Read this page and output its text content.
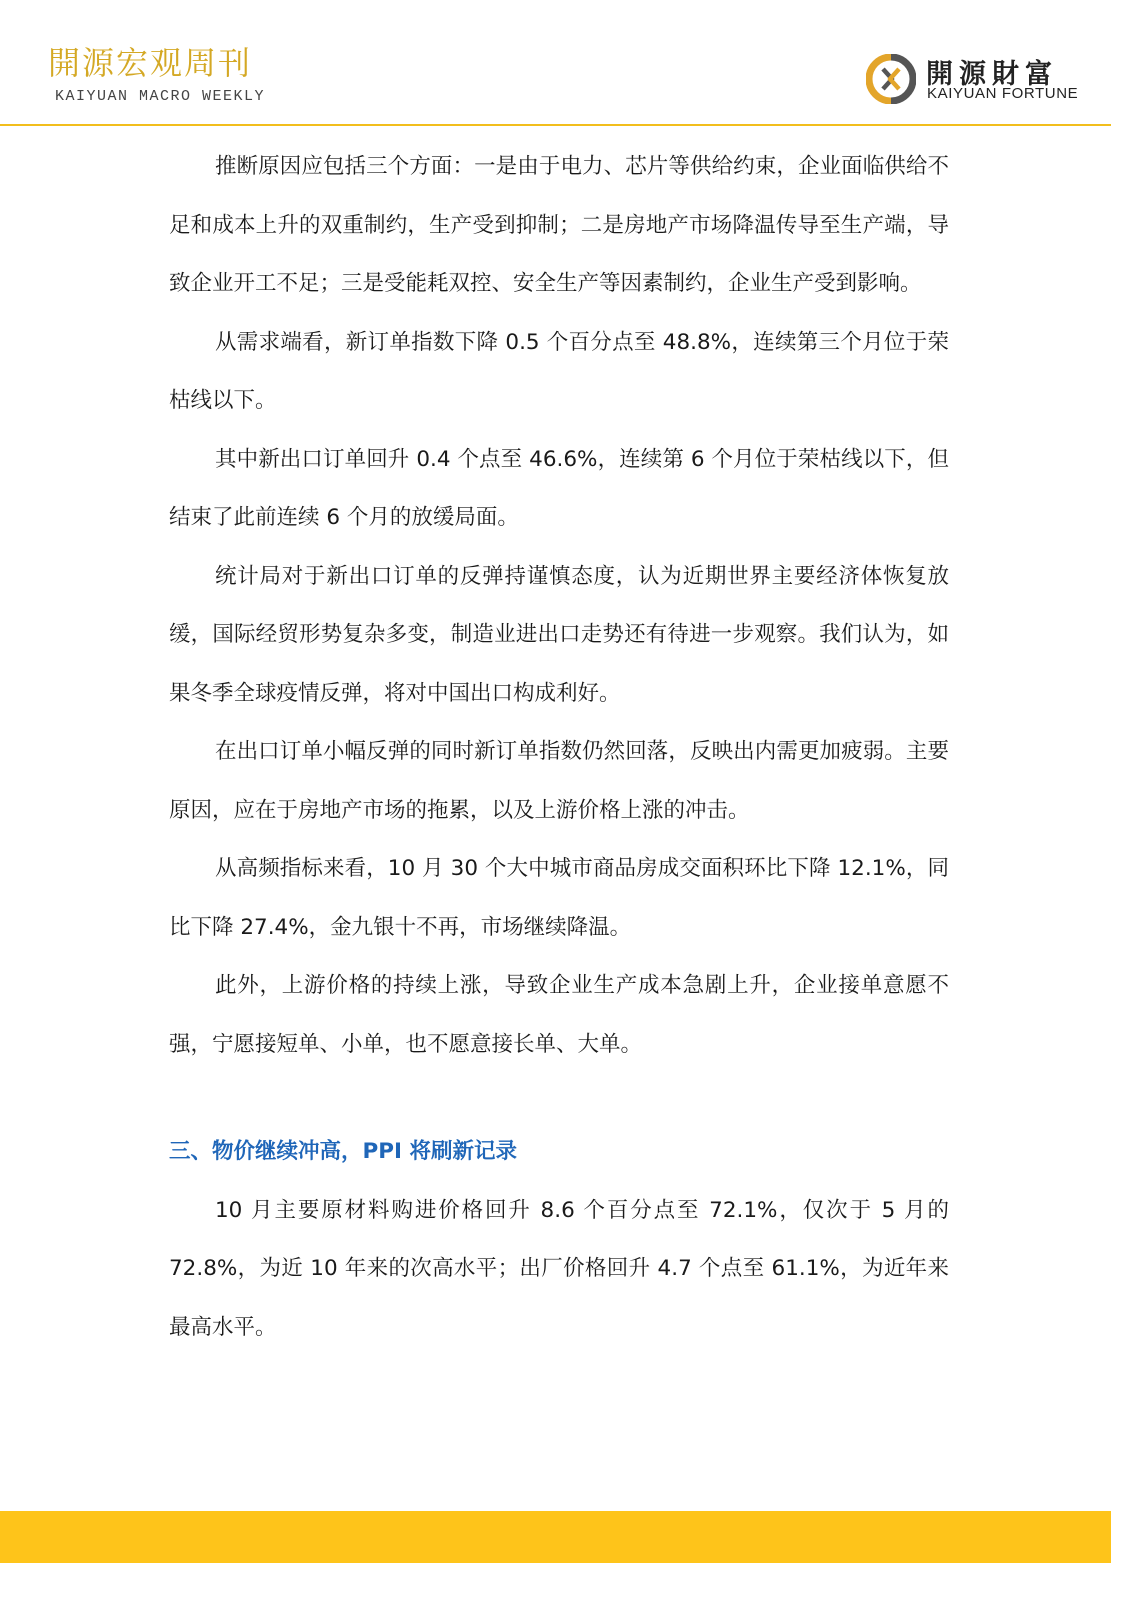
開源宏观周刊
KAIYUAN MACRO WEEKLY
開源財富
KAIYUAN FORTUNE

推断原因应包括三个方面：一是由于电力、芯片等供给约束，企业面临供给不足和成本上升的双重制约，生产受到抑制；二是房地产市场降温传导至生产端，导致企业开工不足；三是受能耗双控、安全生产等因素制约，企业生产受到影响。

从需求端看，新订单指数下降 0.5 个百分点至 48.8%，连续第三个月位于荣枯线以下。

其中新出口订单回升 0.4 个点至 46.6%，连续第 6 个月位于荣枯线以下，但结束了此前连续 6 个月的放缓局面。

统计局对于新出口订单的反弹持谨慎态度，认为近期世界主要经济体恢复放缓，国际经贸形势复杂多变，制造业进出口走势还有待进一步观察。我们认为，如果冬季全球疫情反弹，将对中国出口构成利好。

在出口订单小幅反弹的同时新订单指数仍然回落，反映出内需更加疲弱。主要原因，应在于房地产市场的拖累，以及上游价格上涨的冲击。

从高频指标来看，10 月 30 个大中城市商品房成交面积环比下降 12.1%，同比下降 27.4%，金九银十不再，市场继续降温。

此外，上游价格的持续上涨，导致企业生产成本急剧上升，企业接单意愿不强，宁愿接短单、小单，也不愿意接长单、大单。

三、物价继续冲高，PPI 将刷新记录

10 月主要原材料购进价格回升 8.6 个百分点至 72.1%，仅次于 5 月的 72.8%，为近 10 年来的次高水平；出厂价格回升 4.7 个点至 61.1%，为近年来最高水平。
